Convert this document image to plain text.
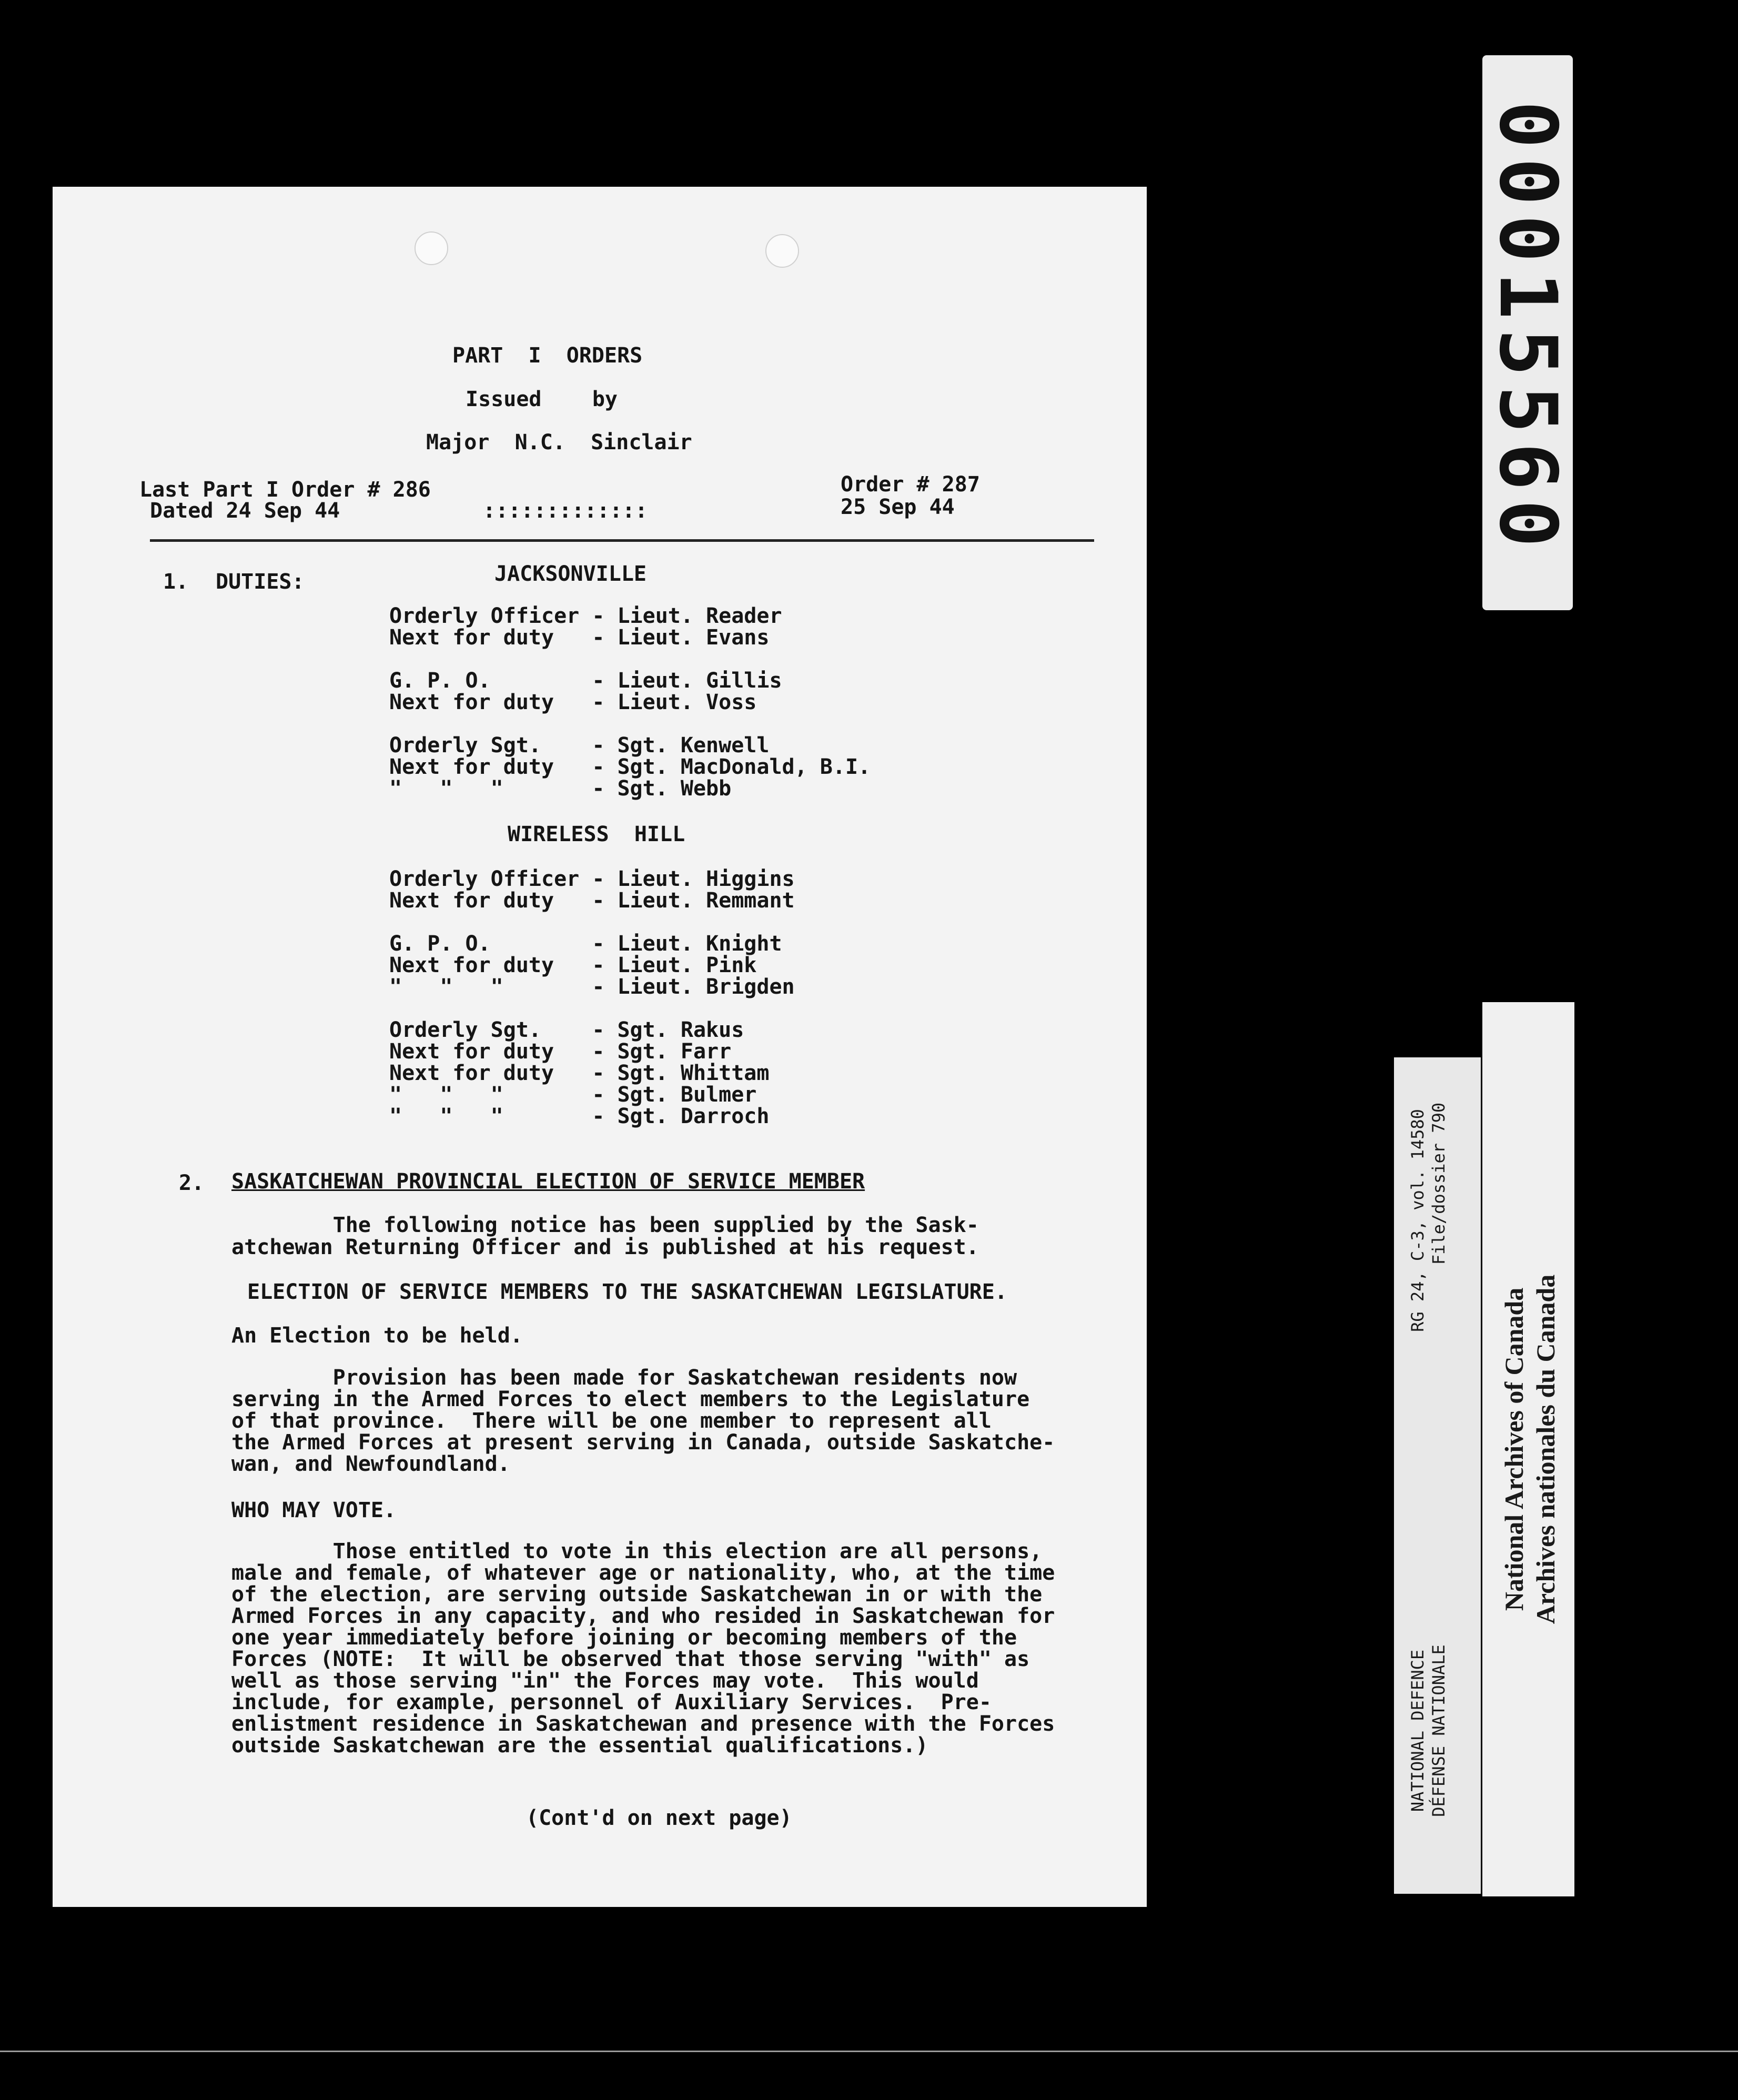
PART  I  ORDERS
Issued    by
Major  N.C.  Sinclair
Last Part I Order # 286
Dated 24 Sep 44	:::::::::::::
Order # 287
25 Sep 44
1. DUTIES:	JACKSONVILLE
Orderly Officer - Lieut. Reader
Next for duty   - Lieut. Evans
G. P. O.        - Lieut. Gillis
Next for duty   - Lieut. Voss
Orderly Sgt.    - Sgt. Kenwell
Next for duty   - Sgt. MacDonald, B.I.
"   "   "       - Sgt. Webb
WIRELESS  HILL
Orderly Officer - Lieut. Higgins
Next for duty   - Lieut. Remmant
G. P. O.        - Lieut. Knight
Next for duty   - Lieut. Pink
"   "   "       - Lieut. Brigden
Orderly Sgt.    - Sgt. Rakus
Next for duty   - Sgt. Farr
Next for duty   - Sgt. Whittam
"   "   "       - Sgt. Bulmer
"   "   "       - Sgt. Darroch
2. SASKATCHEWAN PROVINCIAL ELECTION OF SERVICE MEMBER
The following notice has been supplied by the Sask-
atchewan Returning Officer and is published at his request.
ELECTION OF SERVICE MEMBERS TO THE SASKATCHEWAN LEGISLATURE.
An Election to be held.
Provision has been made for Saskatchewan residents now
serving in the Armed Forces to elect members to the Legislature
of that province.  There will be one member to represent all
the Armed Forces at present serving in Canada, outside Saskatche-
wan, and Newfoundland.
WHO MAY VOTE.
Those entitled to vote in this election are all persons,
male and female, of whatever age or nationality, who, at the time
of the election, are serving outside Saskatchewan in or with the
Armed Forces in any capacity, and who resided in Saskatchewan for
one year immediately before joining or becoming members of the
Forces (NOTE:  It will be observed that those serving "with" as
well as those serving "in" the Forces may vote.  This would
include, for example, personnel of Auxiliary Services.  Pre-
enlistment residence in Saskatchewan and presence with the Forces
outside Saskatchewan are the essential qualifications.)
(Cont'd on next page)
00015560
NATIONAL DEFENCE DÉFENSE NATIONALE
RG 24, C-3, vol. 14580 File/dossier 790
National Archives of Canada Archives nationales du Canada
